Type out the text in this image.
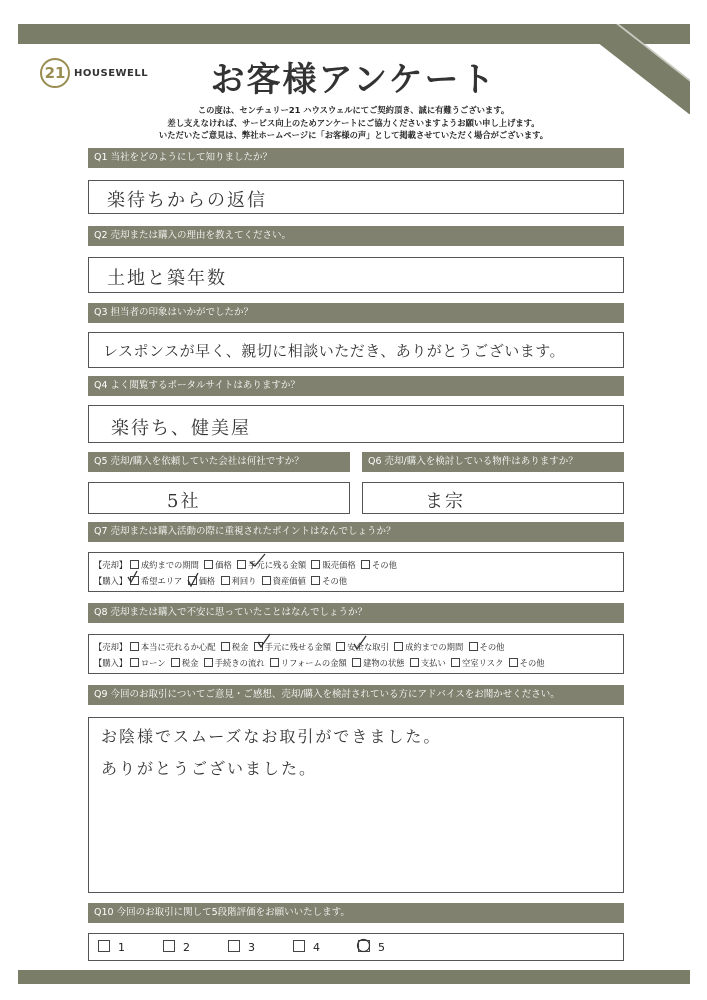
21 HOUSEWELL	お客様アンケート
この度は、センチュリー21 ハウスウェルにてご契約頂き、誠に有難うございます。
差し支えなければ、サービス向上のためアンケートにご協力くださいますようお願い申し上げます。
いただいたご意見は、弊社ホームページに「お客様の声」として掲載させていただく場合がございます。
Q1 当社をどのようにして知りましたか？
楽待ちからの返信
Q2 売却または購入の理由を教えてください。
土地と築年数
Q3 担当者の印象はいかがでしたか？
レスポンスが早く、親切に相談いただき、ありがとうございます。
Q4 よく閲覧するポータルサイトはありますか？
楽待ち、健美屋
Q5 売却/購入を依頼していた会社は何社ですか？	Q6 売却/購入を検討している物件はありますか？
5社	ま宗
Q7 売却または購入活動の際に重視されたポイントはなんでしょうか？
【売却】 成約までの期間 価格 手元に残る金額 販売価格 その他
【購入】 希望エリア 価格 利回り 資産価値 その他
Q8 売却または購入で不安に思っていたことはなんでしょうか？
【売却】 本当に売れるか心配 税金 手元に残せる金額 安全な取引 成約までの期間 その他
【購入】 ローン 税金 手続きの流れ リフォームの金額 建物の状態 支払い 空室リスク その他
Q9 今回のお取引についてご意見・ご感想、売却/購入を検討されている方にアドバイスをお聞かせください。
お陰様でスムーズなお取引ができました。
ありがとうございました。
Q10 今回のお取引に関して5段階評価をお願いいたします。
1	2	3	4	5
